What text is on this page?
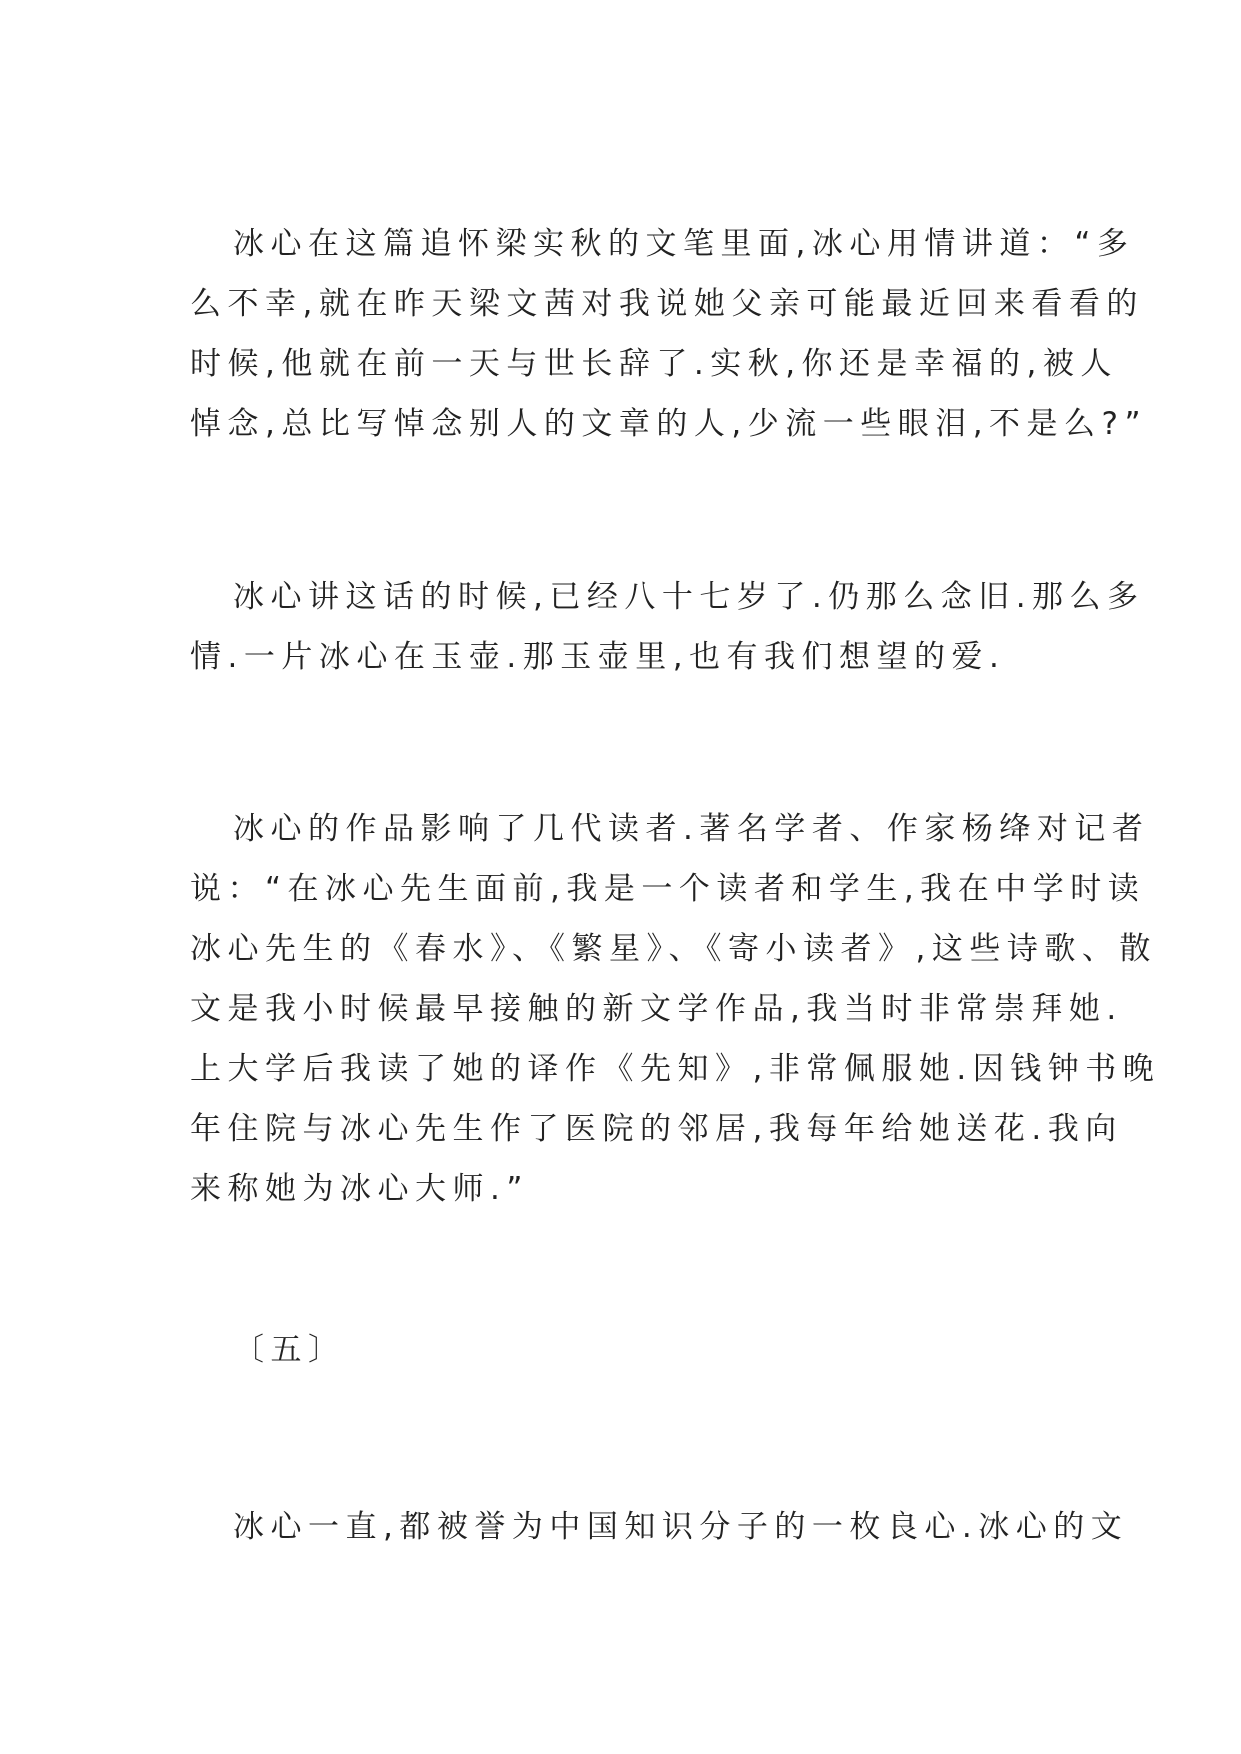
冰心在这篇追怀梁实秋的文笔里面,冰心用情讲道：“多
么不幸,就在昨天梁文茜对我说她父亲可能最近回来看看的
时候,他就在前一天与世长辞了.实秋,你还是幸福的,被人
悼念,总比写悼念别人的文章的人,少流一些眼泪,不是么?”
冰心讲这话的时候,已经八十七岁了.仍那么念旧.那么多
情.一片冰心在玉壶.那玉壶里,也有我们想望的爱.
冰心的作品影响了几代读者.著名学者、作家杨绛对记者
说：“在冰心先生面前,我是一个读者和学生,我在中学时读
冰心先生的《春水》、《繁星》、《寄小读者》,这些诗歌、散
文是我小时候最早接触的新文学作品,我当时非常崇拜她.
上大学后我读了她的译作《先知》,非常佩服她.因钱钟书晚
年住院与冰心先生作了医院的邻居,我每年给她送花.我向
来称她为冰心大师.”
〔五〕
冰心一直,都被誉为中国知识分子的一枚良心.冰心的文
